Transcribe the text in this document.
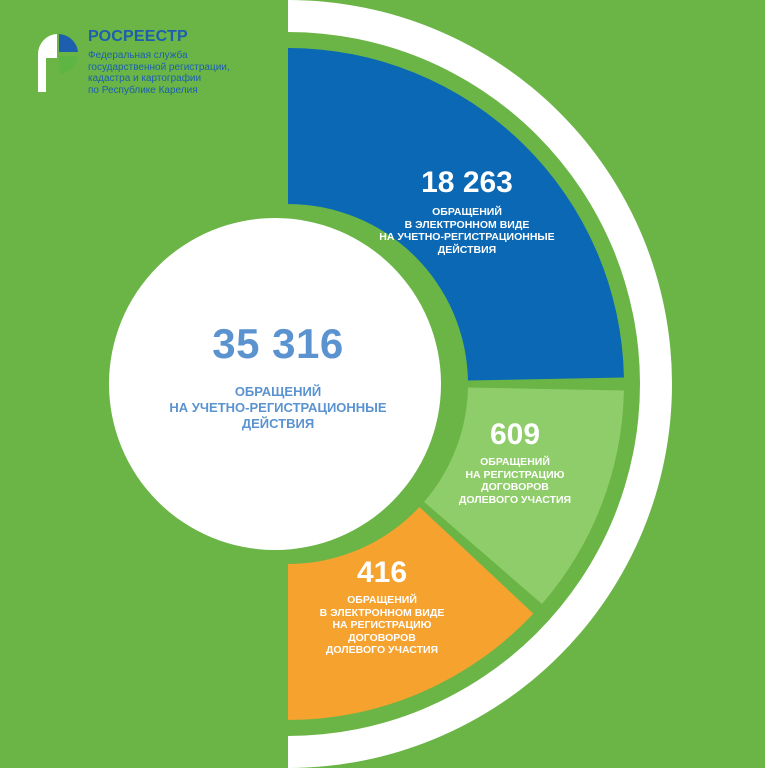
РОСРЕЕСТР
Федеральная служба
государственной регистрации,
кадастра и картографии
по Республике Карелия
35 316
ОБРАЩЕНИЙ
НА УЧЕТНО-РЕГИСТРАЦИОННЫЕ
ДЕЙСТВИЯ
18 263
ОБРАЩЕНИЙ
В ЭЛЕКТРОННОМ ВИДЕ
НА УЧЕТНО-РЕГИСТРАЦИОННЫЕ
ДЕЙСТВИЯ
609
ОБРАЩЕНИЙ
НА РЕГИСТРАЦИЮ
ДОГОВОРОВ
ДОЛЕВОГО УЧАСТИЯ
416
ОБРАЩЕНИЙ
В ЭЛЕКТРОННОМ ВИДЕ
НА РЕГИСТРАЦИЮ
ДОГОВОРОВ
ДОЛЕВОГО УЧАСТИЯ
